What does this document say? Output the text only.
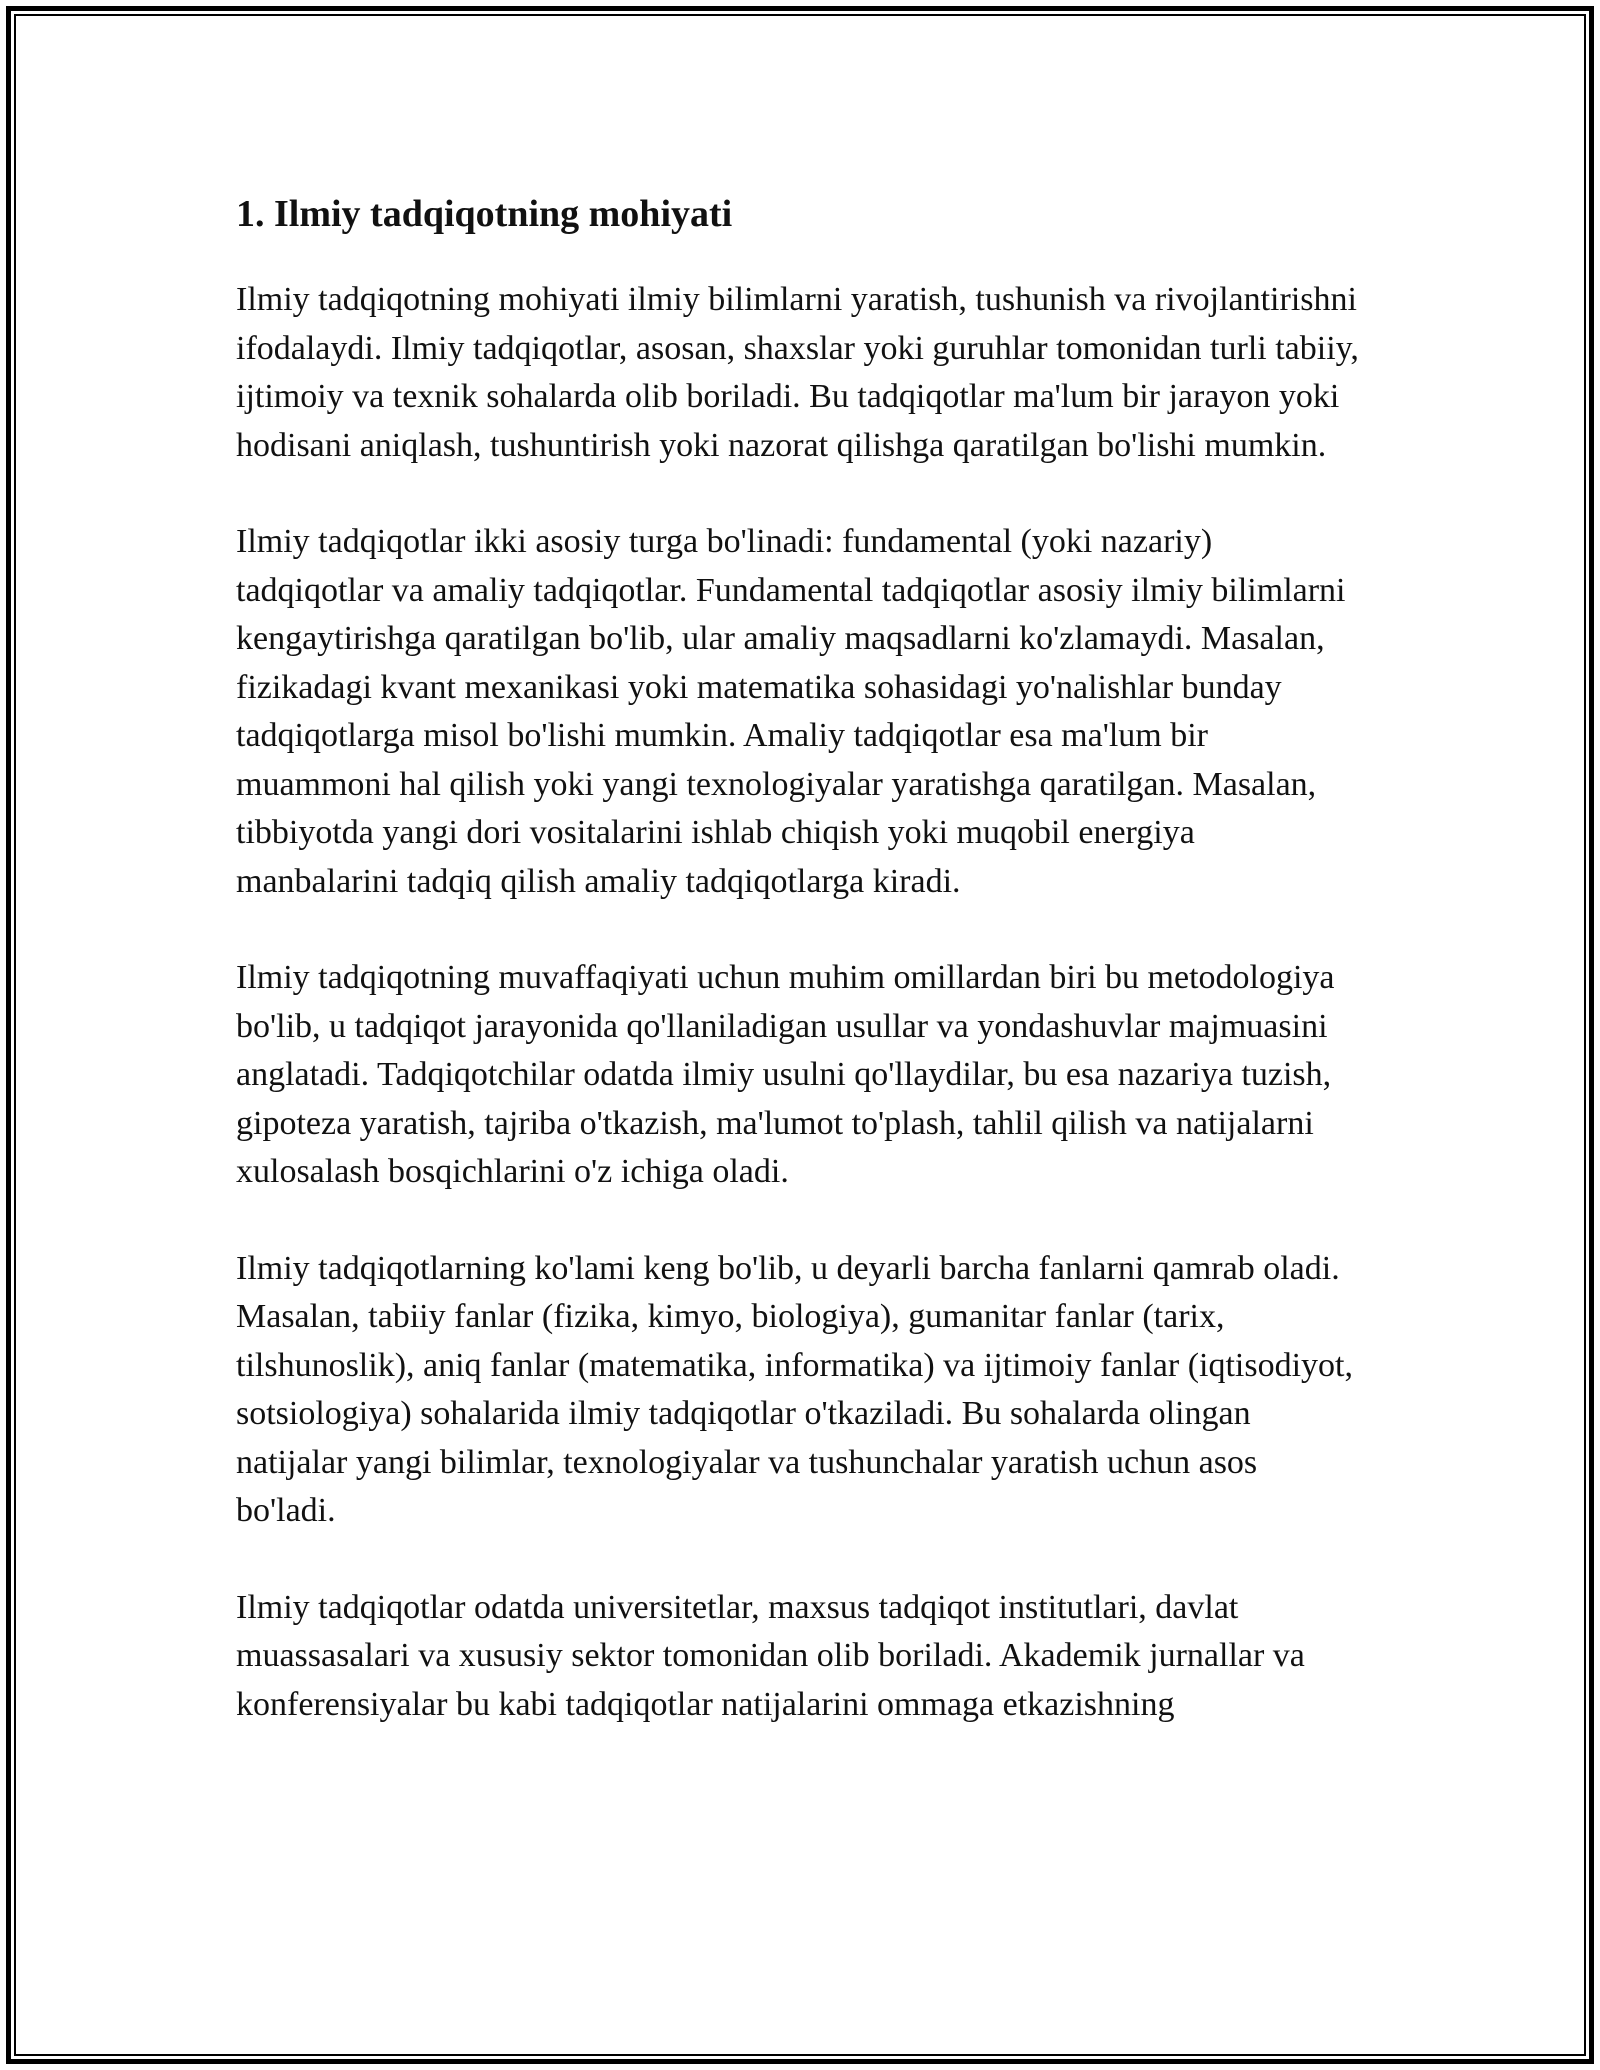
1. Ilmiy tadqiqotning mohiyati

Ilmiy tadqiqotning mohiyati ilmiy bilimlarni yaratish, tushunish va rivojlantirishni ifodalaydi. Ilmiy tadqiqotlar, asosan, shaxslar yoki guruhlar tomonidan turli tabiiy, ijtimoiy va texnik sohalarda olib boriladi. Bu tadqiqotlar ma'lum bir jarayon yoki hodisani aniqlash, tushuntirish yoki nazorat qilishga qaratilgan bo'lishi mumkin.

Ilmiy tadqiqotlar ikki asosiy turga bo'linadi: fundamental (yoki nazariy) tadqiqotlar va amaliy tadqiqotlar. Fundamental tadqiqotlar asosiy ilmiy bilimlarni kengaytirishga qaratilgan bo'lib, ular amaliy maqsadlarni ko'zlamaydi. Masalan, fizikadagi kvant mexanikasi yoki matematika sohasidagi yo'nalishlar bunday tadqiqotlarga misol bo'lishi mumkin. Amaliy tadqiqotlar esa ma'lum bir muammoni hal qilish yoki yangi texnologiyalar yaratishga qaratilgan. Masalan, tibbiyotda yangi dori vositalarini ishlab chiqish yoki muqobil energiya manbalarini tadqiq qilish amaliy tadqiqotlarga kiradi.

Ilmiy tadqiqotning muvaffaqiyati uchun muhim omillardan biri bu metodologiya bo'lib, u tadqiqot jarayonida qo'llaniladigan usullar va yondashuvlar majmuasini anglatadi. Tadqiqotchilar odatda ilmiy usulni qo'llaydilar, bu esa nazariya tuzish, gipoteza yaratish, tajriba o'tkazish, ma'lumot to'plash, tahlil qilish va natijalarni xulosalash bosqichlarini o'z ichiga oladi.

Ilmiy tadqiqotlarning ko'lami keng bo'lib, u deyarli barcha fanlarni qamrab oladi. Masalan, tabiiy fanlar (fizika, kimyo, biologiya), gumanitar fanlar (tarix, tilshunoslik), aniq fanlar (matematika, informatika) va ijtimoiy fanlar (iqtisodiyot, sotsiologiya) sohalarida ilmiy tadqiqotlar o'tkaziladi. Bu sohalarda olingan natijalar yangi bilimlar, texnologiyalar va tushunchalar yaratish uchun asos bo'ladi.

Ilmiy tadqiqotlar odatda universitetlar, maxsus tadqiqot institutlari, davlat muassasalari va xususiy sektor tomonidan olib boriladi. Akademik jurnallar va konferensiyalar bu kabi tadqiqotlar natijalarini ommaga etkazishning
